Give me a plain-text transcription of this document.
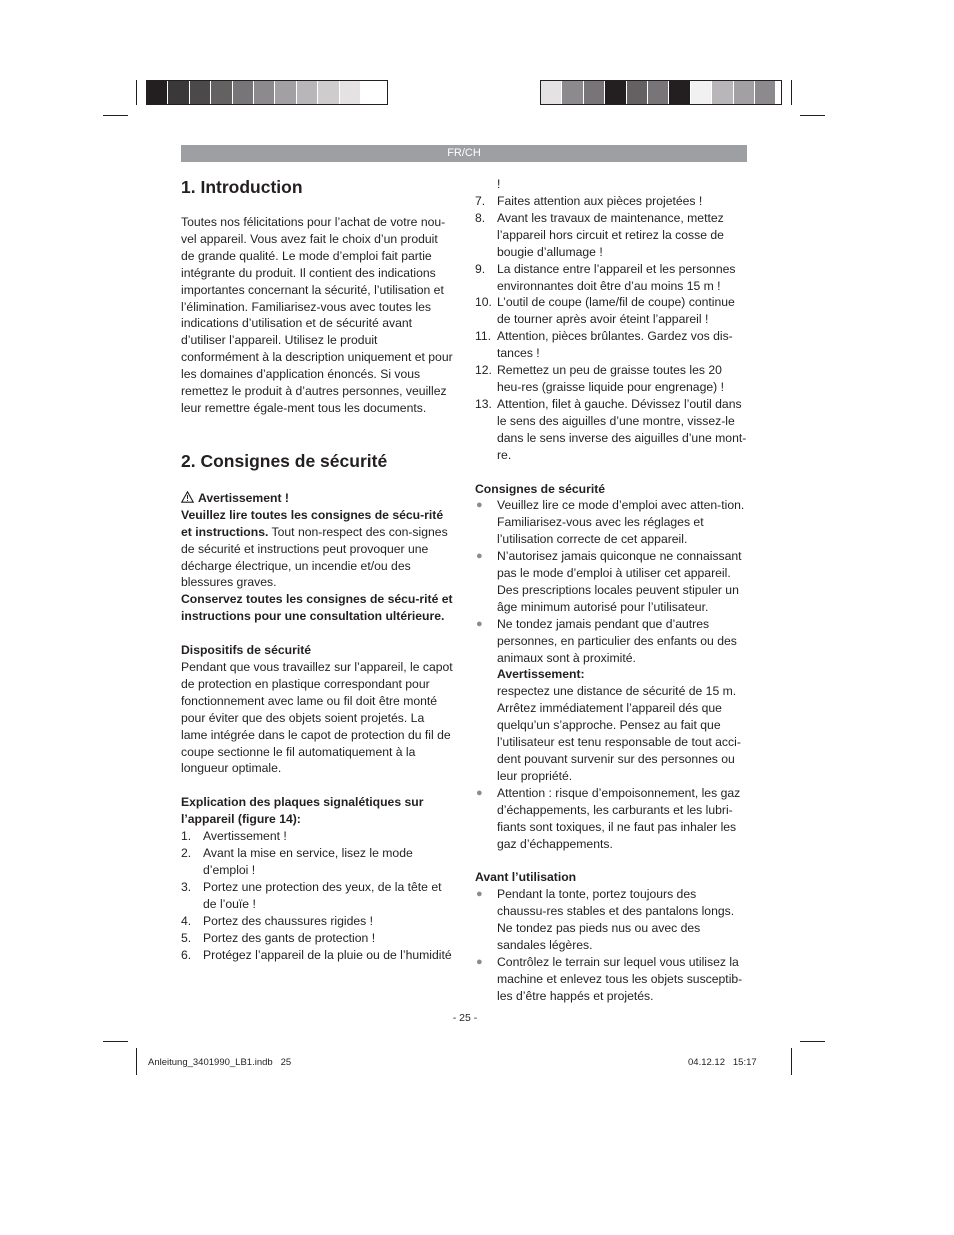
FR/CH

1. Introduction

Toutes nos félicitations pour l’achat de votre nou-vel appareil. Vous avez fait le choix d’un produit de grande qualité. Le mode d’emploi fait partie intégrante du produit. Il contient des indications importantes concernant la sécurité, l’utilisation et l’élimination. Familiarisez-vous avec toutes les indications d’utilisation et de sécurité avant d’utiliser l’appareil. Utilisez le produit conformément à la description uniquement et pour les domaines d’application énoncés. Si vous remettez le produit à d’autres personnes, veuillez leur remettre égale-ment tous les documents.

2. Consignes de sécurité

Avertissement !

Veuillez lire toutes les consignes de sécu-rité et instructions. Tout non-respect des con-signes de sécurité et instructions peut provoquer une décharge électrique, un incendie et/ou des blessures graves.

Conservez toutes les consignes de sécu-rité et instructions pour une consultation ultérieure.

Dispositifs de sécurité

Pendant que vous travaillez sur l’appareil, le capot de protection en plastique correspondant pour fonctionnement avec lame ou fil doit être monté pour éviter que des objets soient projetés. La lame intégrée dans le capot de protection du fil de coupe sectionne le fil automatiquement à la longueur optimale.

Explication des plaques signalétiques sur l’appareil (figure 14):

1. Avertissement !
2. Avant la mise en service, lisez le mode d’emploi !
3. Portez une protection des yeux, de la tête et de l’ouïe !
4. Portez des chaussures rigides !
5. Portez des gants de protection !
6. Protégez l’appareil de la pluie ou de l’humidité
!
7. Faites attention aux pièces projetées !
8. Avant les travaux de maintenance, mettez l’appareil hors circuit et retirez la cosse de bougie d’allumage !
9. La distance entre l’appareil et les personnes environnantes doit être d’au moins 15 m !
10. L’outil de coupe (lame/fil de coupe) continue de tourner après avoir éteint l’appareil !
11. Attention, pièces brûlantes. Gardez vos dis-tances !
12. Remettez un peu de graisse toutes les 20 heu-res (graisse liquide pour engrenage) !
13. Attention, filet à gauche. Dévissez l’outil dans le sens des aiguilles d’une montre, vissez-le dans le sens inverse des aiguilles d’une mont-re.

Consignes de sécurité

● Veuillez lire ce mode d’emploi avec atten-tion. Familiarisez-vous avec les réglages et l’utilisation correcte de cet appareil.
● N’autorisez jamais quiconque ne connaissant pas le mode d’emploi à utiliser cet appareil. Des prescriptions locales peuvent stipuler un âge minimum autorisé pour l’utilisateur.
● Ne tondez jamais pendant que d’autres personnes, en particulier des enfants ou des animaux sont à proximité.

Avertissement:

respectez une distance de sécurité de 15 m. Arrêtez immédiatement l’appareil dés que quelqu’un s’approche. Pensez au fait que l’utilisateur est tenu responsable de tout acci-dent pouvant survenir sur des personnes ou leur propriété.

● Attention : risque d’empoisonnement, les gaz d’échappements, les carburants et les lubri-fiants sont toxiques, il ne faut pas inhaler les gaz d’échappements.

Avant l’utilisation

● Pendant la tonte, portez toujours des chaussu-res stables et des pantalons longs. Ne tondez pas pieds nus ou avec des sandales légères.
● Contrôlez le terrain sur lequel vous utilisez la machine et enlevez tous les objets susceptib-les d’être happés et projetés.
- 25 -
Anleitung_3401990_LB1.indb   25	04.12.12   15:17
